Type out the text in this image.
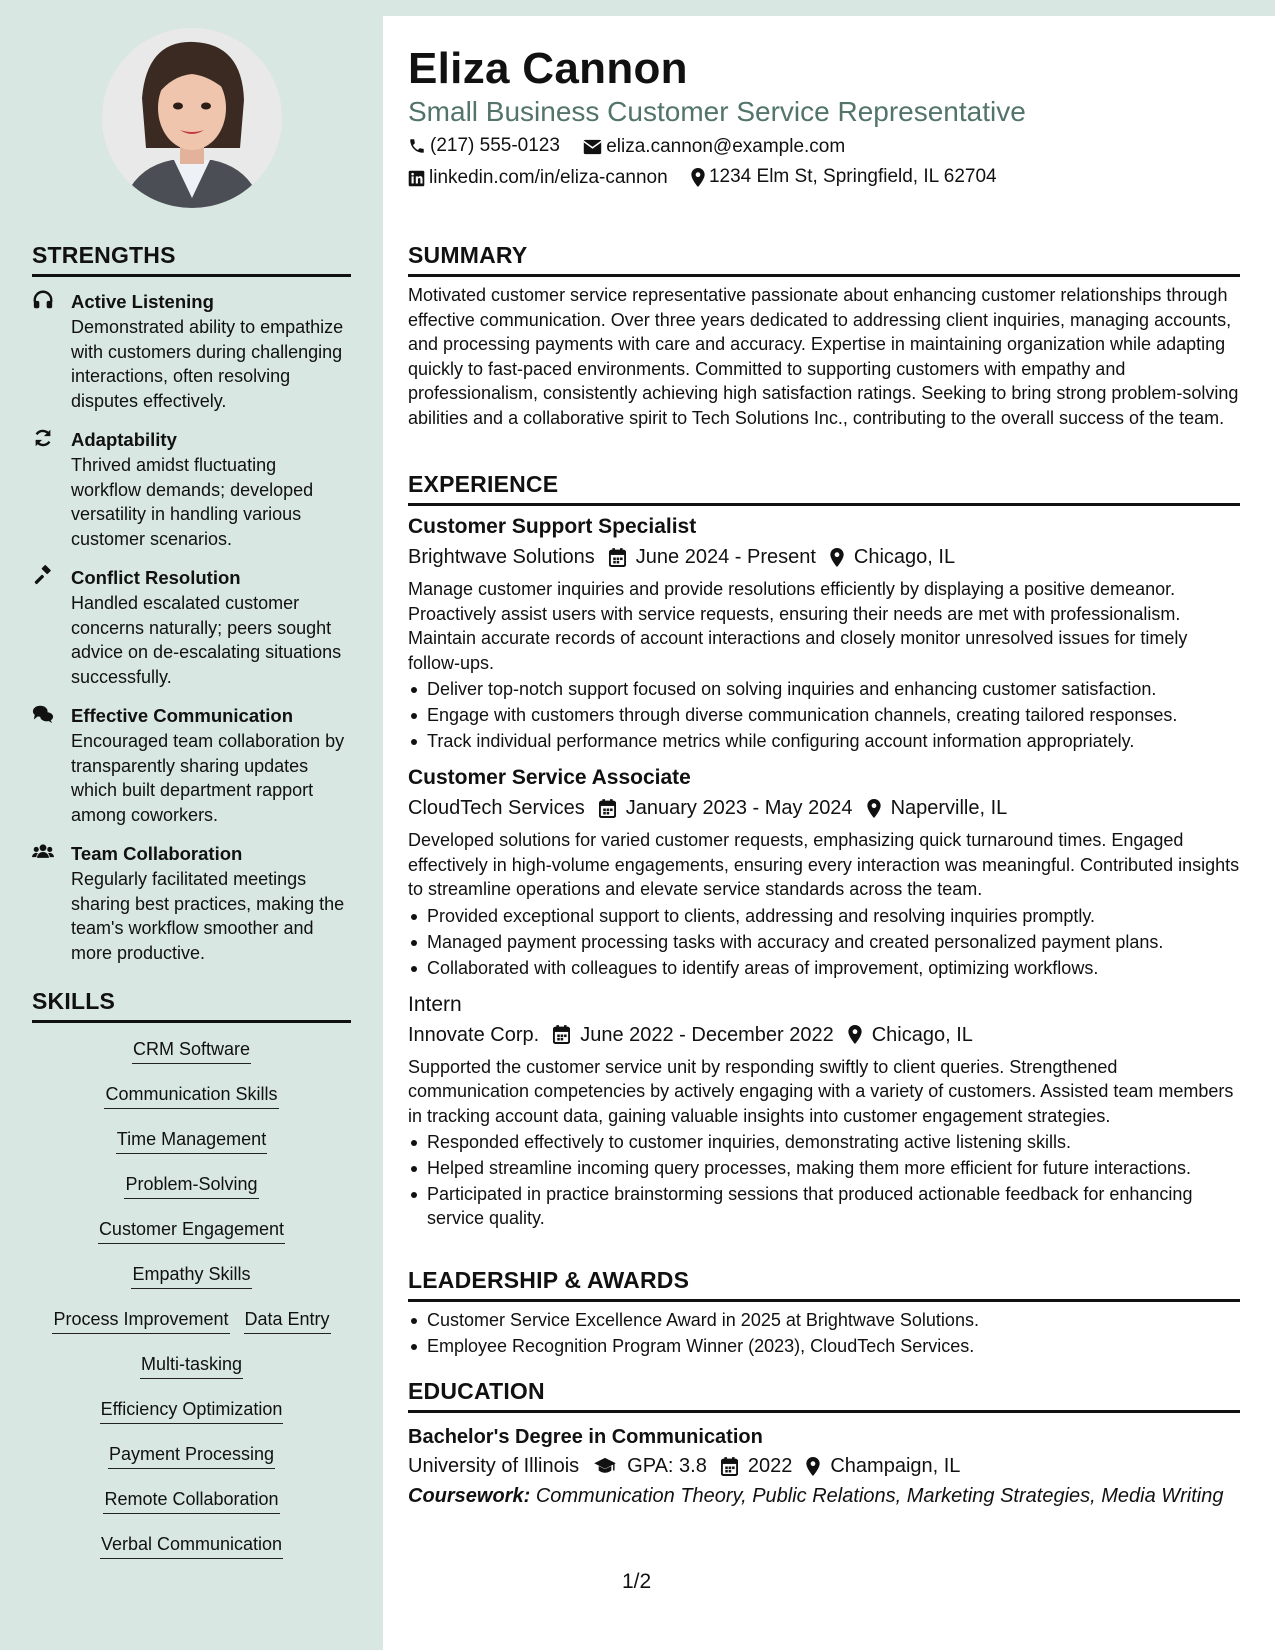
Eliza Cannon
Small Business Customer Service Representative
(217) 555-0123
eliza.cannon@example.com
linkedin.com/in/eliza-cannon
1234 Elm St, Springfield, IL 62704
STRENGTHS
Active Listening
Demonstrated ability to empathize with customers during challenging interactions, often resolving disputes effectively.
Adaptability
Thrived amidst fluctuating workflow demands; developed versatility in handling various customer scenarios.
Conflict Resolution
Handled escalated customer concerns naturally; peers sought advice on de-escalating situations successfully.
Effective Communication
Encouraged team collaboration by transparently sharing updates which built department rapport among coworkers.
Team Collaboration
Regularly facilitated meetings sharing best practices, making the team's workflow smoother and more productive.
SKILLS
CRM Software
Communication Skills
Time Management
Problem-Solving
Customer Engagement
Empathy Skills
Process Improvement Data Entry
Multi-tasking
Efficiency Optimization
Payment Processing
Remote Collaboration
Verbal Communication
SUMMARY
Motivated customer service representative passionate about enhancing customer relationships through effective communication. Over three years dedicated to addressing client inquiries, managing accounts, and processing payments with care and accuracy. Expertise in maintaining organization while adapting quickly to fast-paced environments. Committed to supporting customers with empathy and professionalism, consistently achieving high satisfaction ratings. Seeking to bring strong problem-solving abilities and a collaborative spirit to Tech Solutions Inc., contributing to the overall success of the team.
EXPERIENCE
Customer Support Specialist
Brightwave Solutions June 2024 - Present Chicago, IL
Manage customer inquiries and provide resolutions efficiently by displaying a positive demeanor. Proactively assist users with service requests, ensuring their needs are met with professionalism. Maintain accurate records of account interactions and closely monitor unresolved issues for timely follow-ups.
Deliver top-notch support focused on solving inquiries and enhancing customer satisfaction.
Engage with customers through diverse communication channels, creating tailored responses.
Track individual performance metrics while configuring account information appropriately.
Customer Service Associate
CloudTech Services January 2023 - May 2024 Naperville, IL
Developed solutions for varied customer requests, emphasizing quick turnaround times. Engaged effectively in high-volume engagements, ensuring every interaction was meaningful. Contributed insights to streamline operations and elevate service standards across the team.
Provided exceptional support to clients, addressing and resolving inquiries promptly.
Managed payment processing tasks with accuracy and created personalized payment plans.
Collaborated with colleagues to identify areas of improvement, optimizing workflows.
Intern
Innovate Corp. June 2022 - December 2022 Chicago, IL
Supported the customer service unit by responding swiftly to client queries. Strengthened communication competencies by actively engaging with a variety of customers. Assisted team members in tracking account data, gaining valuable insights into customer engagement strategies.
Responded effectively to customer inquiries, demonstrating active listening skills.
Helped streamline incoming query processes, making them more efficient for future interactions.
Participated in practice brainstorming sessions that produced actionable feedback for enhancing service quality.
LEADERSHIP & AWARDS
Customer Service Excellence Award in 2025 at Brightwave Solutions.
Employee Recognition Program Winner (2023), CloudTech Services.
EDUCATION
Bachelor's Degree in Communication
University of Illinois GPA: 3.8 2022 Champaign, IL
Coursework: Communication Theory, Public Relations, Marketing Strategies, Media Writing
1/2
